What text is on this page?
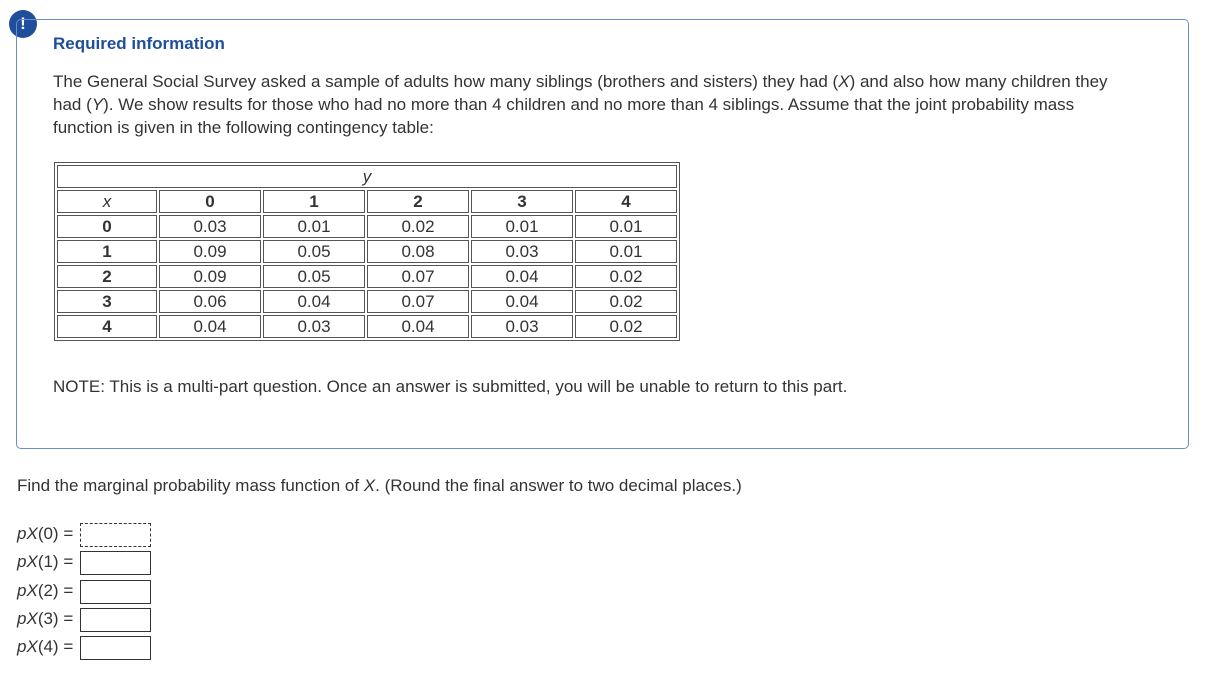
!
Required information
The General Social Survey asked a sample of adults how many siblings (brothers and sisters) they had (X) and also how many children they had (Y). We show results for those who had no more than 4 children and no more than 4 siblings. Assume that the joint probability mass function is given in the following contingency table:
y					
x	0	1	2	3	4
0	0.03	0.01	0.02	0.01	0.01
1	0.09	0.05	0.08	0.03	0.01
2	0.09	0.05	0.07	0.04	0.02
3	0.06	0.04	0.07	0.04	0.02
4	0.04	0.03	0.04	0.03	0.02
NOTE: This is a multi-part question. Once an answer is submitted, you will be unable to return to this part.
Find the marginal probability mass function of X. (Round the final answer to two decimal places.)
pX(0) =
pX(1) =
pX(2) =
pX(3) =
pX(4) =
